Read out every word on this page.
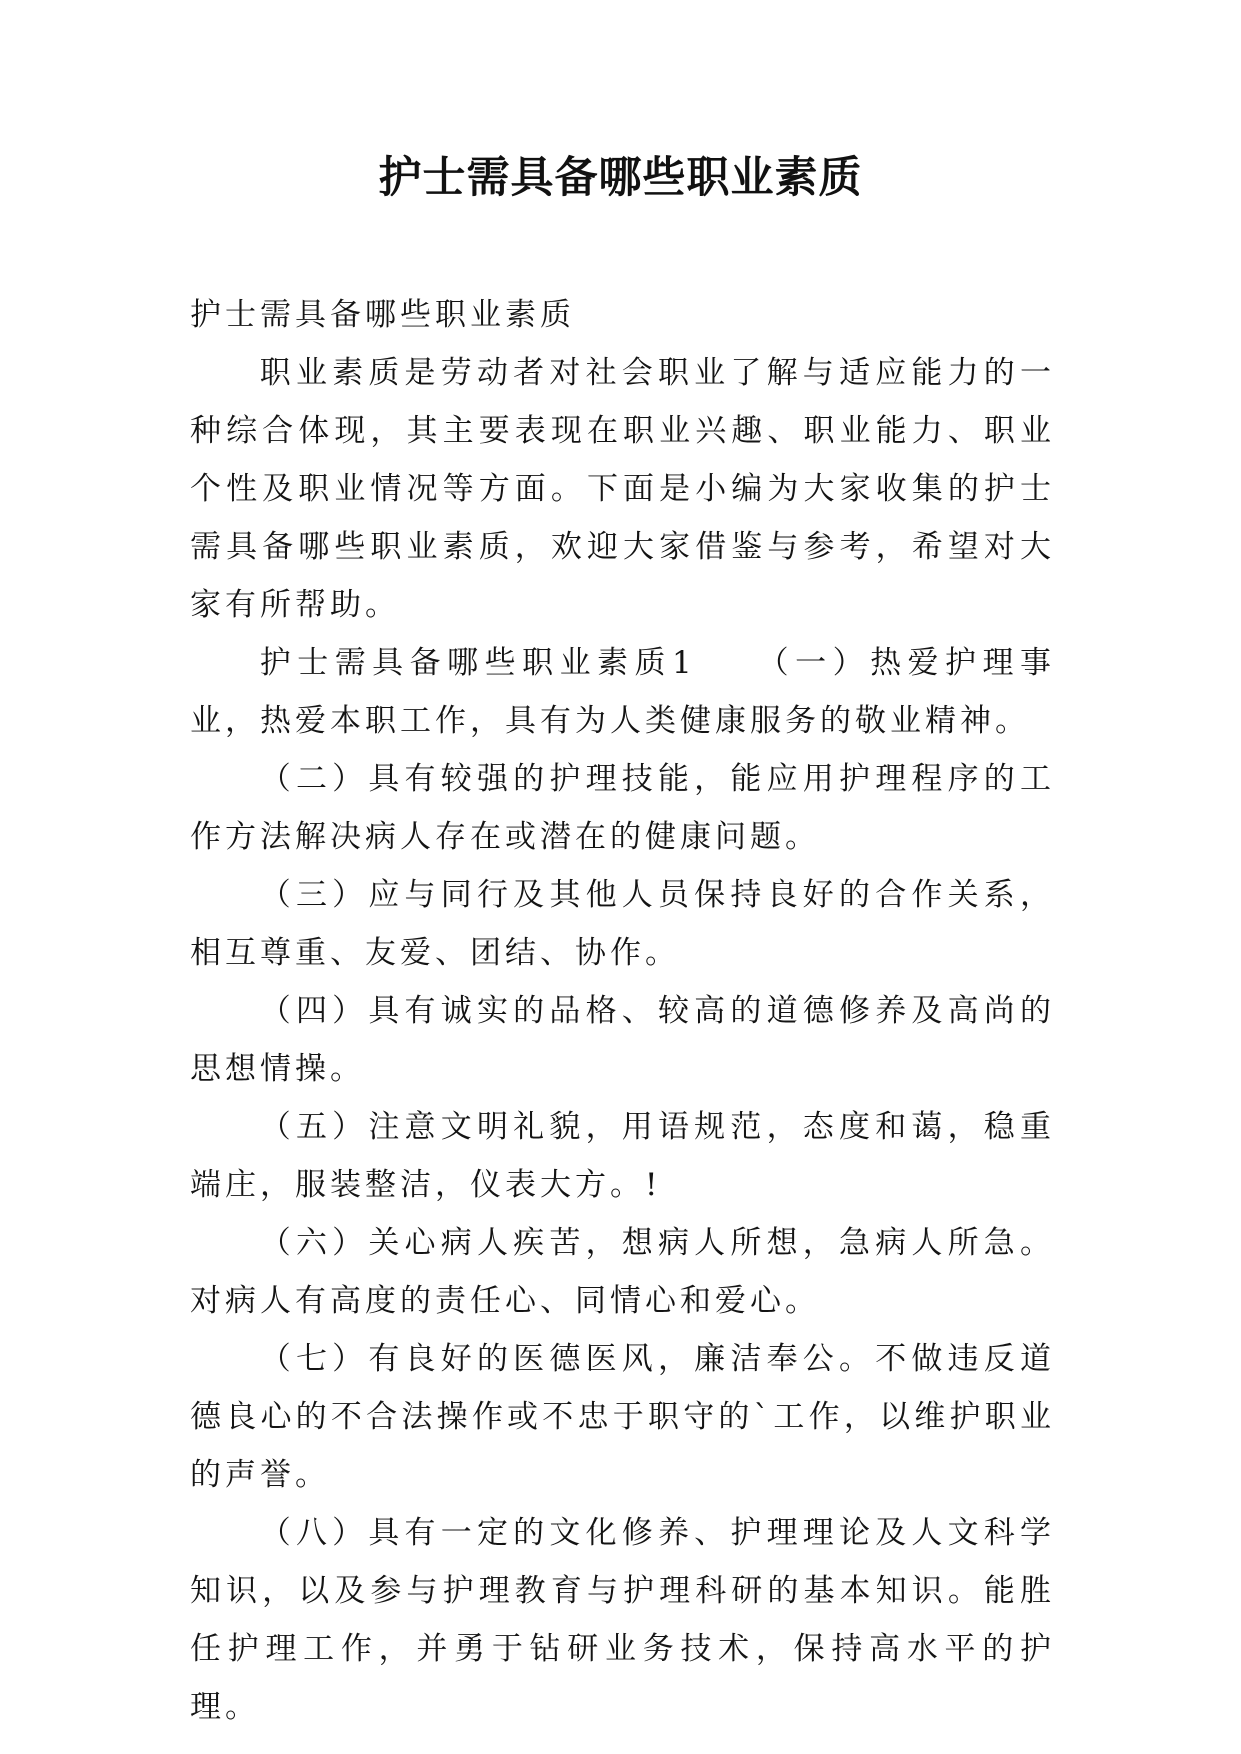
护士需具备哪些职业素质

护士需具备哪些职业素质

职业素质是劳动者对社会职业了解与适应能力的一种综合体现，其主要表现在职业兴趣、职业能力、职业个性及职业情况等方面。下面是小编为大家收集的护士需具备哪些职业素质，欢迎大家借鉴与参考，希望对大家有所帮助。

护士需具备哪些职业素质1　　（一）热爱护理事业，热爱本职工作，具有为人类健康服务的敬业精神。

（二）具有较强的护理技能，能应用护理程序的工作方法解决病人存在或潜在的健康问题。

（三）应与同行及其他人员保持良好的合作关系，相互尊重、友爱、团结、协作。

（四）具有诚实的品格、较高的道德修养及高尚的思想情操。

（五）注意文明礼貌，用语规范，态度和蔼，稳重端庄，服装整洁，仪表大方。!

（六）关心病人疾苦，想病人所想，急病人所急。对病人有高度的责任心、同情心和爱心。

（七）有良好的医德医风，廉洁奉公。不做违反道德良心的不合法操作或不忠于职守的`工作，以维护职业的声誉。

（八）具有一定的文化修养、护理理论及人文科学知识，以及参与护理教育与护理科研的基本知识。能胜任护理工作，并勇于钻研业务技术，保持高水平的护理。
